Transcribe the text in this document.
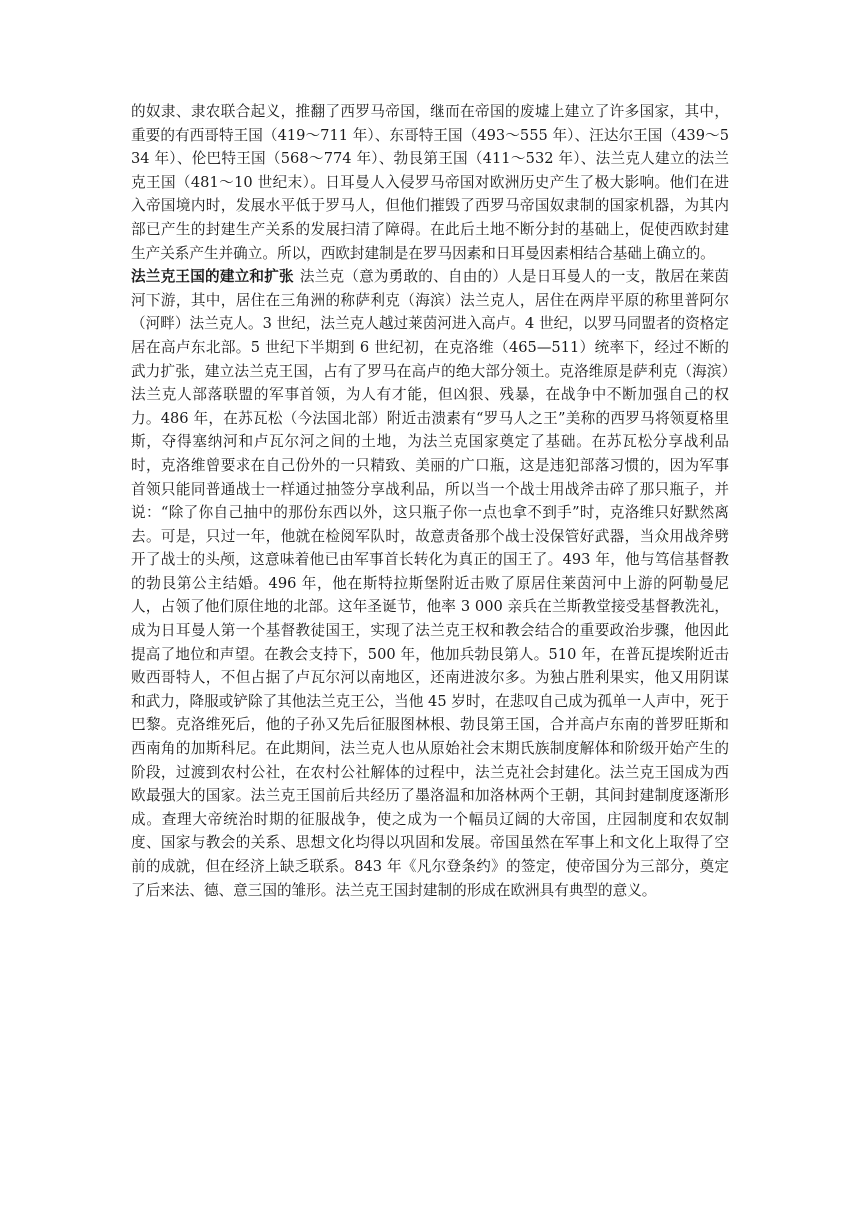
的奴隶、隶农联合起义，推翻了西罗马帝国，继而在帝国的废墟上建立了许多国家，其中，重要的有西哥特王国（419～711 年）、东哥特王国（493～555 年）、汪达尔王国（439～534 年）、伦巴特王国（568～774 年）、勃艮第王国（411～532 年）、法兰克人建立的法兰克王国（481～10 世纪末）。日耳曼人入侵罗马帝国对欧洲历史产生了极大影响。他们在进入帝国境内时，发展水平低于罗马人，但他们摧毁了西罗马帝国奴隶制的国家机器，为其内部已产生的封建生产关系的发展扫清了障碍。在此后土地不断分封的基础上，促使西欧封建生产关系产生并确立。所以，西欧封建制是在罗马因素和日耳曼因素相结合基础上确立的。

法兰克王国的建立和扩张 法兰克（意为勇敢的、自由的）人是日耳曼人的一支，散居在莱茵河下游，其中，居住在三角洲的称萨利克（海滨）法兰克人，居住在两岸平原的称里普阿尔（河畔）法兰克人。3 世纪，法兰克人越过莱茵河进入高卢。4 世纪，以罗马同盟者的资格定居在高卢东北部。5 世纪下半期到 6 世纪初，在克洛维（465—511）统率下，经过不断的武力扩张，建立法兰克王国，占有了罗马在高卢的绝大部分领土。克洛维原是萨利克（海滨）法兰克人部落联盟的军事首领，为人有才能，但凶狠、残暴，在战争中不断加强自己的权力。486 年，在苏瓦松（今法国北部）附近击溃素有“罗马人之王”美称的西罗马将领夏格里斯，夺得塞纳河和卢瓦尔河之间的土地，为法兰克国家奠定了基础。在苏瓦松分享战利品时，克洛维曾要求在自己份外的一只精致、美丽的广口瓶，这是违犯部落习惯的，因为军事首领只能同普通战士一样通过抽签分享战利品，所以当一个战士用战斧击碎了那只瓶子，并说：“除了你自己抽中的那份东西以外，这只瓶子你一点也拿不到手”时，克洛维只好默然离去。可是，只过一年，他就在检阅军队时，故意责备那个战士没保管好武器，当众用战斧劈开了战士的头颅，这意味着他已由军事首长转化为真正的国王了。493 年，他与笃信基督教的勃艮第公主结婚。496 年，他在斯特拉斯堡附近击败了原居住莱茵河中上游的阿勒曼尼人，占领了他们原住地的北部。这年圣诞节，他率 3 000 亲兵在兰斯教堂接受基督教洗礼，成为日耳曼人第一个基督教徒国王，实现了法兰克王权和教会结合的重要政治步骤，他因此提高了地位和声望。在教会支持下，500 年，他加兵勃艮第人。510 年，在普瓦提埃附近击败西哥特人，不但占据了卢瓦尔河以南地区，还南进波尔多。为独占胜利果实，他又用阴谋和武力，降服或铲除了其他法兰克王公，当他 45 岁时，在悲叹自己成为孤单一人声中，死于巴黎。克洛维死后，他的子孙又先后征服图林根、勃艮第王国，合并高卢东南的普罗旺斯和西南角的加斯科尼。在此期间，法兰克人也从原始社会末期氏族制度解体和阶级开始产生的阶段，过渡到农村公社，在农村公社解体的过程中，法兰克社会封建化。法兰克王国成为西欧最强大的国家。法兰克王国前后共经历了墨洛温和加洛林两个王朝，其间封建制度逐渐形成。查理大帝统治时期的征服战争，使之成为一个幅员辽阔的大帝国，庄园制度和农奴制度、国家与教会的关系、思想文化均得以巩固和发展。帝国虽然在军事上和文化上取得了空前的成就，但在经济上缺乏联系。843 年《凡尔登条约》的签定，使帝国分为三部分，奠定了后来法、德、意三国的雏形。法兰克王国封建制的形成在欧洲具有典型的意义。
